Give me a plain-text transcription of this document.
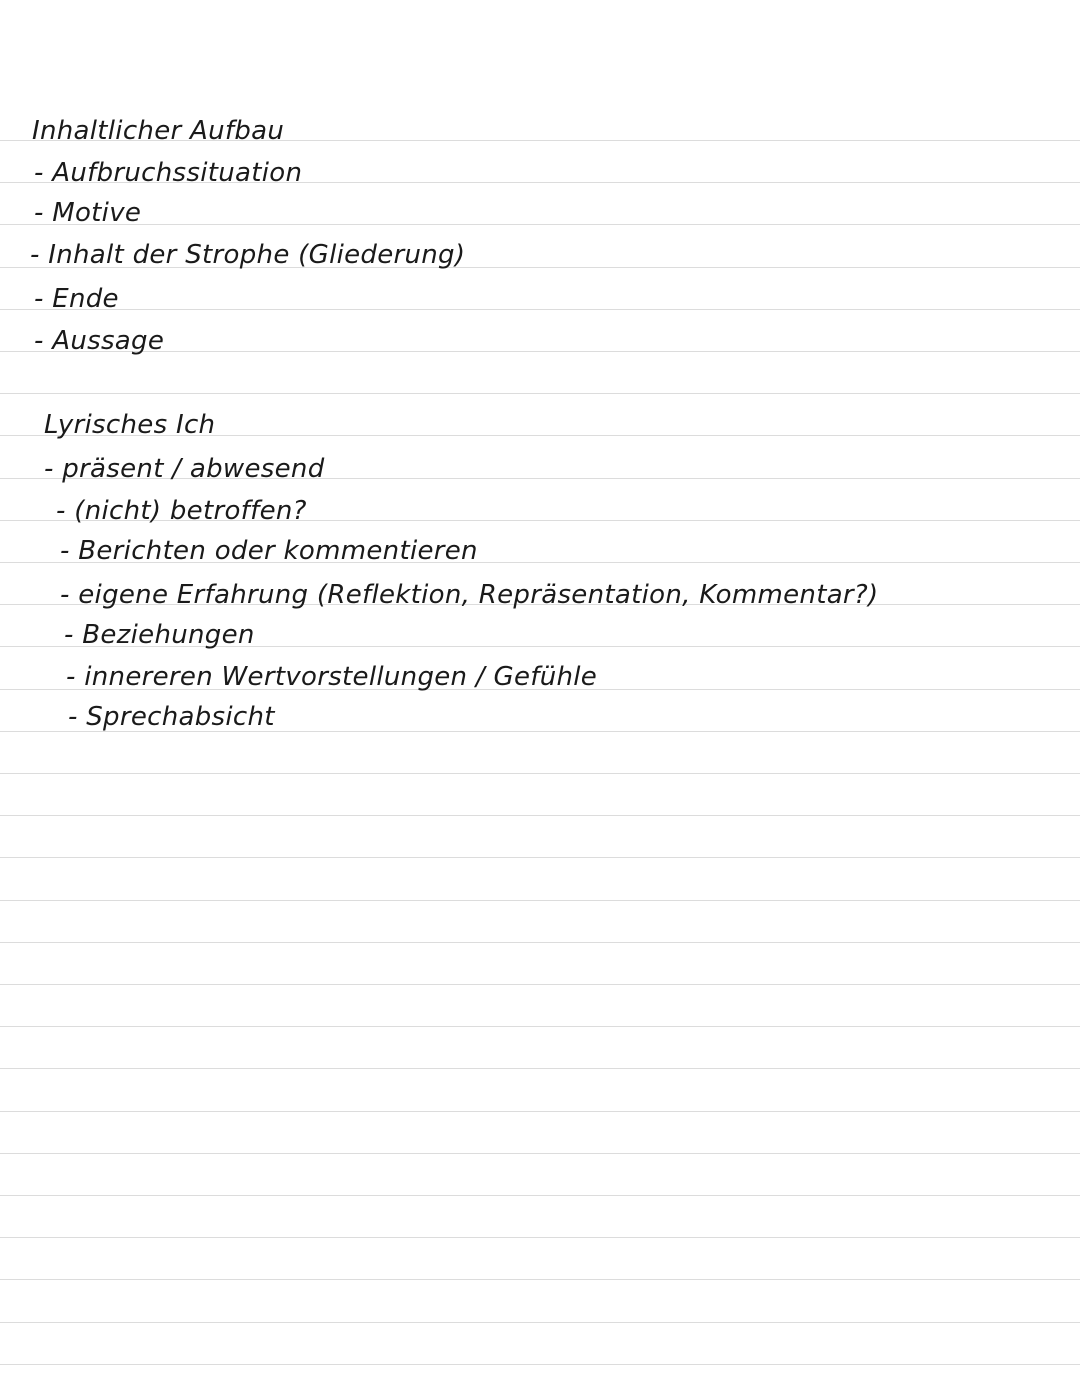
Inhaltlicher Aufbau
- Aufbruchssituation
- Motive
- Inhalt der Strophe (Gliederung)
- Ende
- Aussage
Lyrisches Ich
- präsent / abwesend
- (nicht) betroffen?
- Berichten oder kommentieren
- eigene Erfahrung (Reflektion, Repräsentation, Kommentar?)
- Beziehungen
- innereren Wertvorstellungen / Gefühle
- Sprechabsicht
